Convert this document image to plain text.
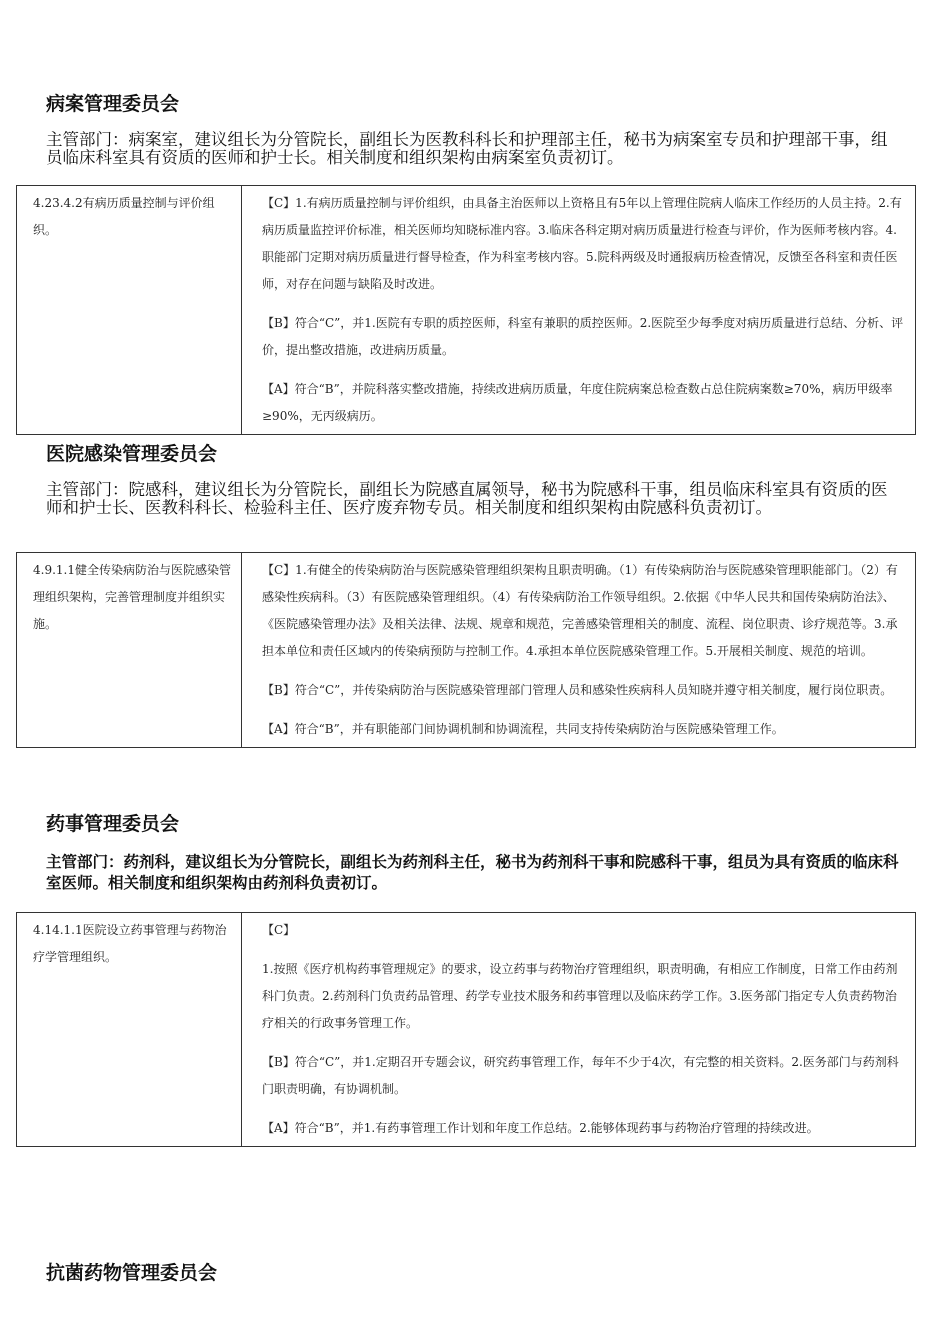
病案管理委员会
主管部门：病案室，建议组长为分管院长，副组长为医教科科长和护理部主任，秘书为病案室专员和护理部干事，组员临床科室具有资质的医师和护士长。相关制度和组织架构由病案室负责初订。
4.23.4.2有病历质量控制与评价组织。	

【C】1.有病历质量控制与评价组织，由具备主治医师以上资格且有5年以上管理住院病人临床工作经历的人员主持。2.有病历质量监控评价标准，相关医师均知晓标准内容。3.临床各科定期对病历质量进行检查与评价，作为医师考核内容。4.职能部门定期对病历质量进行督导检查，作为科室考核内容。5.院科两级及时通报病历检查情况，反馈至各科室和责任医师，对存在问题与缺陷及时改进。

【B】符合“C”，并1.医院有专职的质控医师，科室有兼职的质控医师。2.医院至少每季度对病历质量进行总结、分析、评价，提出整改措施，改进病历质量。

【A】符合“B”，并院科落实整改措施，持续改进病历质量，年度住院病案总检查数占总住院病案数≥70%，病历甲级率≥90%，无丙级病历。

医院感染管理委员会
主管部门：院感科，建议组长为分管院长，副组长为院感直属领导，秘书为院感科干事，组员临床科室具有资质的医师和护士长、医教科科长、检验科主任、医疗废弃物专员。相关制度和组织架构由院感科负责初订。
4.9.1.1健全传染病防治与医院感染管理组织架构，完善管理制度并组织实施。	

【C】1.有健全的传染病防治与医院感染管理组织架构且职责明确。（1）有传染病防治与医院感染管理职能部门。（2）有感染性疾病科。（3）有医院感染管理组织。（4）有传染病防治工作领导组织。2.依据《中华人民共和国传染病防治法》、《医院感染管理办法》及相关法律、法规、规章和规范，完善感染管理相关的制度、流程、岗位职责、诊疗规范等。3.承担本单位和责任区域内的传染病预防与控制工作。4.承担本单位医院感染管理工作。5.开展相关制度、规范的培训。

【B】符合“C”，并传染病防治与医院感染管理部门管理人员和感染性疾病科人员知晓并遵守相关制度，履行岗位职责。

【A】符合“B”，并有职能部门间协调机制和协调流程，共同支持传染病防治与医院感染管理工作。

药事管理委员会
主管部门：药剂科，建议组长为分管院长，副组长为药剂科主任，秘书为药剂科干事和院感科干事，组员为具有资质的临床科室医师。相关制度和组织架构由药剂科负责初订。
4.14.1.1医院设立药事管理与药物治疗学管理组织。	

【C】

1.按照《医疗机构药事管理规定》的要求，设立药事与药物治疗管理组织，职责明确，有相应工作制度，日常工作由药剂科门负责。2.药剂科门负责药品管理、药学专业技术服务和药事管理以及临床药学工作。3.医务部门指定专人负责药物治疗相关的行政事务管理工作。

【B】符合“C”，并1.定期召开专题会议，研究药事管理工作，每年不少于4次，有完整的相关资料。2.医务部门与药剂科门职责明确，有协调机制。

【A】符合“B”，并1.有药事管理工作计划和年度工作总结。2.能够体现药事与药物治疗管理的持续改进。

抗菌药物管理委员会
